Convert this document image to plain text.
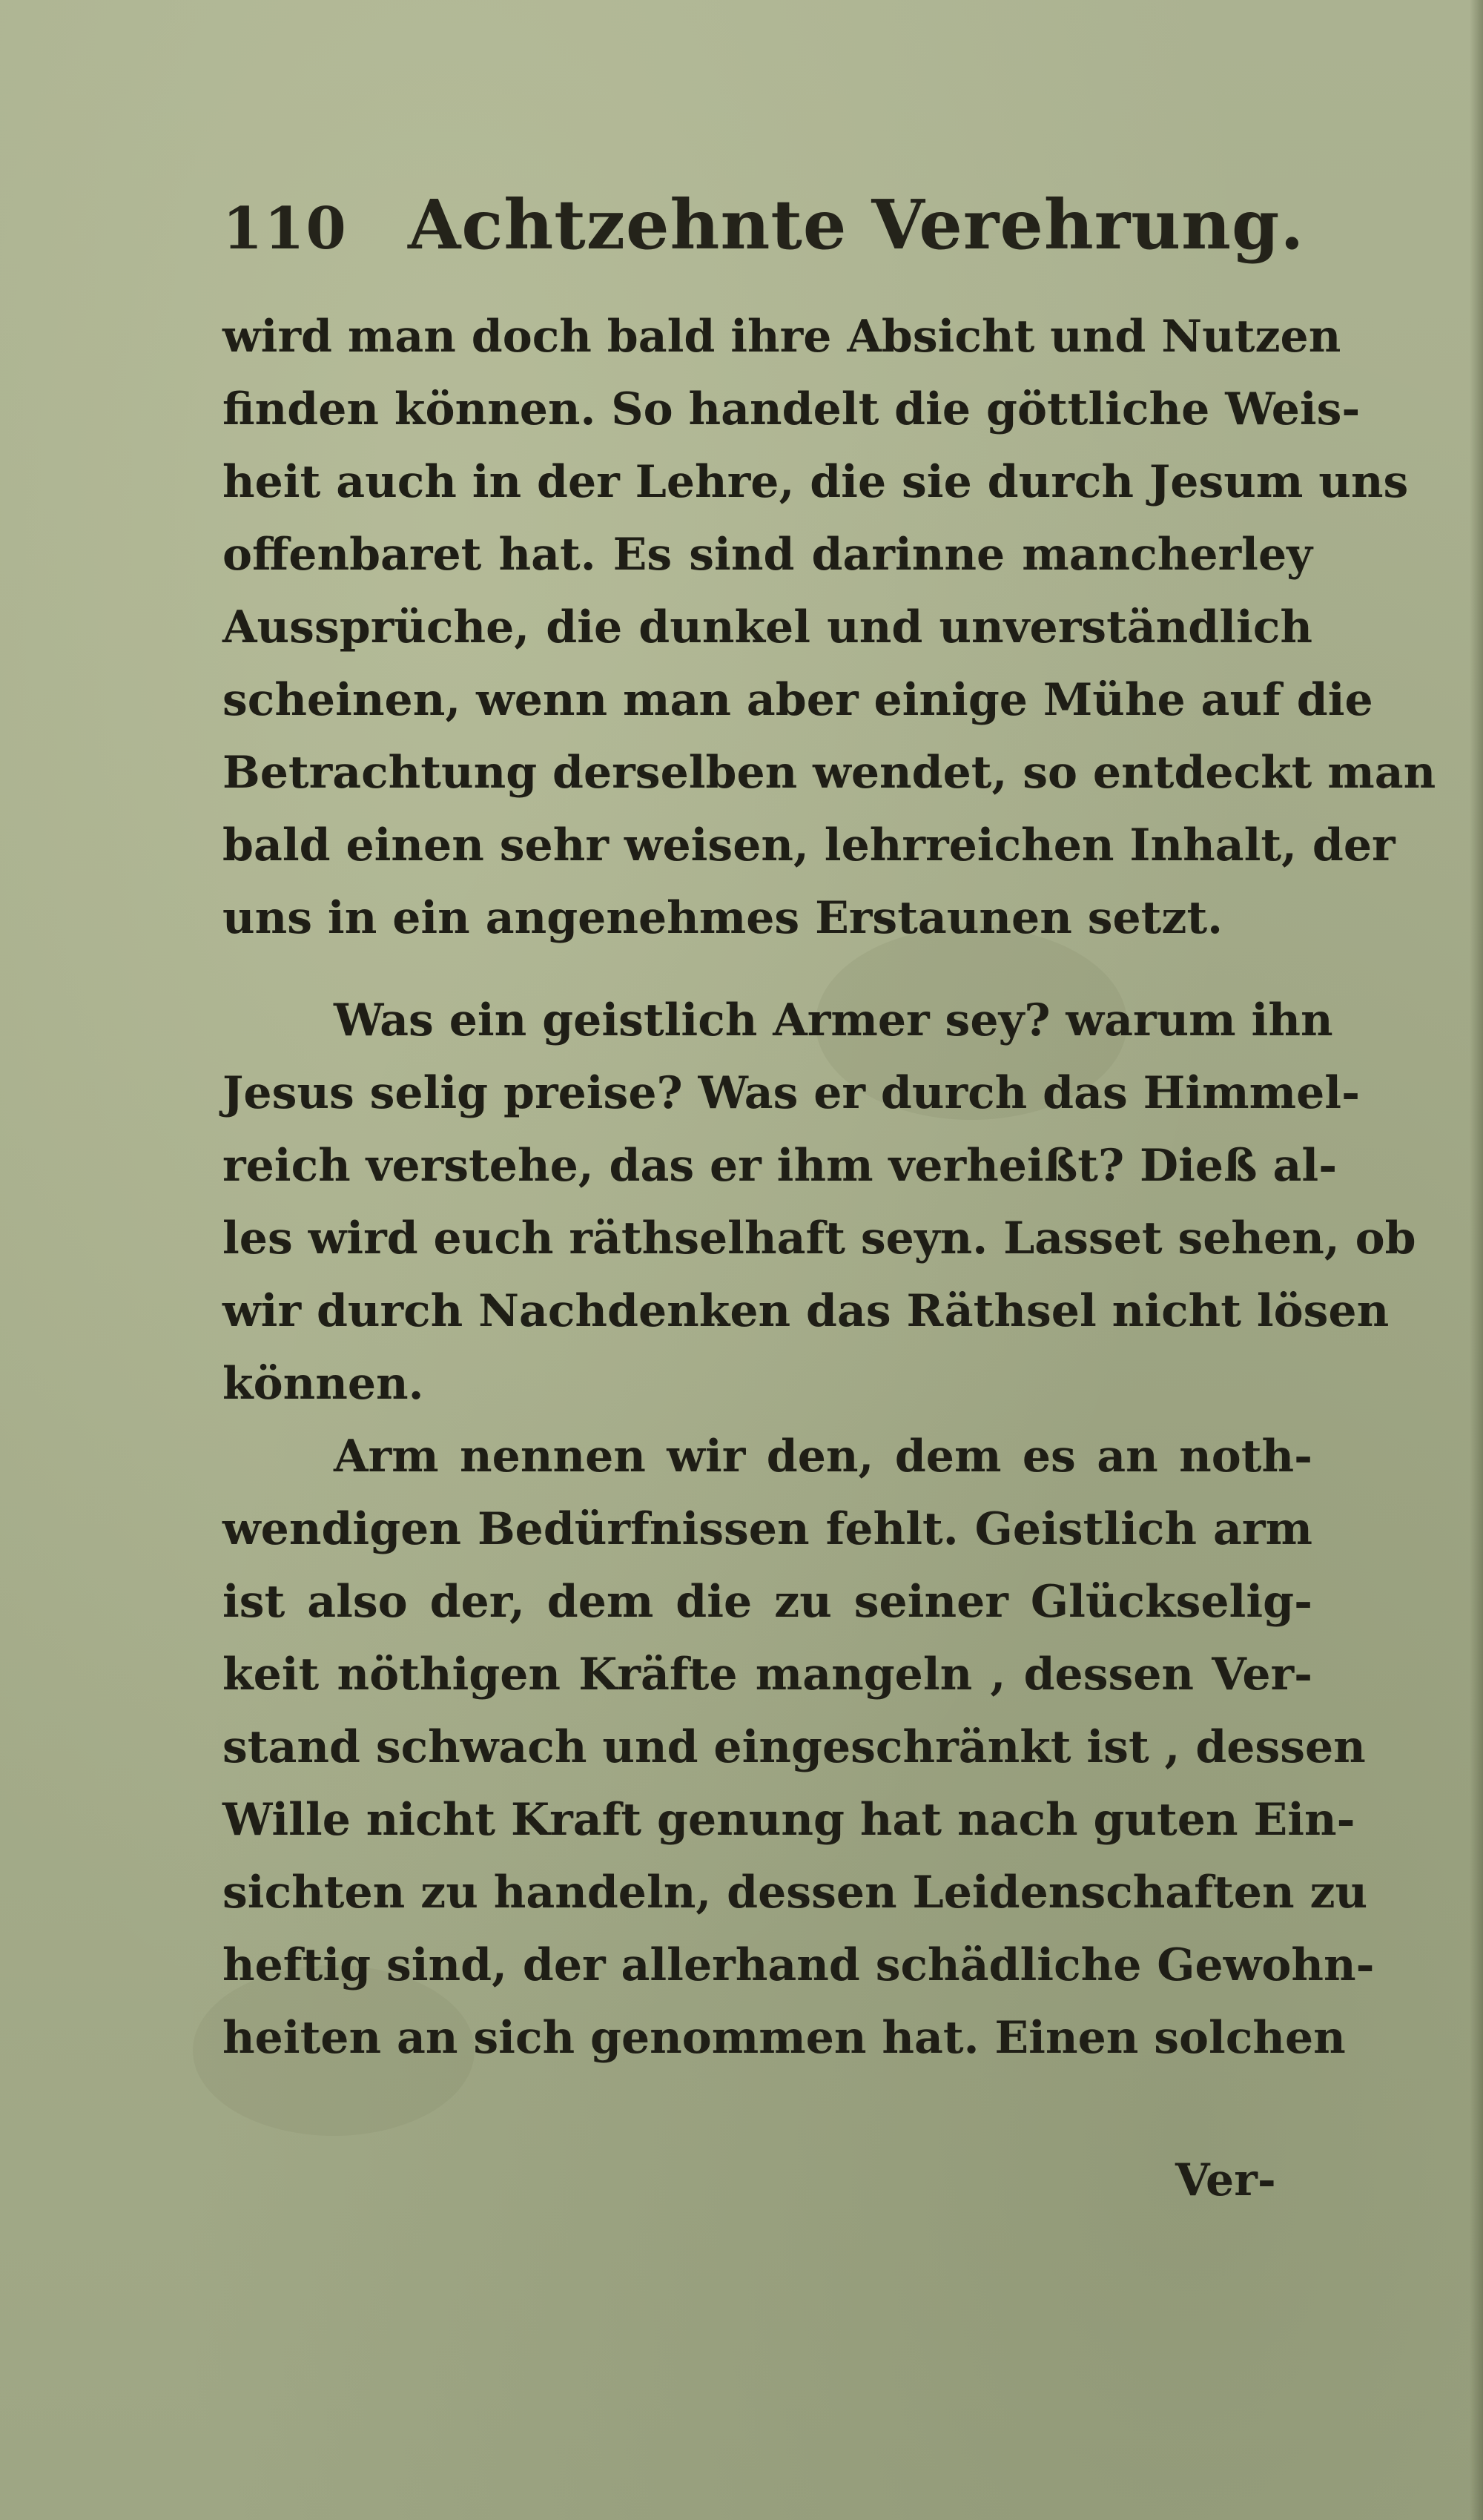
110 Achtzehnte Verehrung.
wird man doch bald ihre Absicht und Nutzen
finden können. So handelt die göttliche Weis-
heit auch in der Lehre, die sie durch Jesum uns
offenbaret hat. Es sind darinne mancherley
Aussprüche, die dunkel und unverständlich
scheinen, wenn man aber einige Mühe auf die
Betrachtung derselben wendet, so entdeckt man
bald einen sehr weisen, lehrreichen Inhalt, der
uns in ein angenehmes Erstaunen setzt.
Was ein geistlich Armer sey? warum ihn
Jesus selig preise? Was er durch das Himmel-
reich verstehe, das er ihm verheißt? Dieß al-
les wird euch räthselhaft seyn. Lasset sehen, ob
wir durch Nachdenken das Räthsel nicht lösen
können.
Arm nennen wir den, dem es an noth-
wendigen Bedürfnissen fehlt. Geistlich arm
ist also der, dem die zu seiner Glückselig-
keit nöthigen Kräfte mangeln , dessen Ver-
stand schwach und eingeschränkt ist , dessen
Wille nicht Kraft genung hat nach guten Ein-
sichten zu handeln, dessen Leidenschaften zu
heftig sind, der allerhand schädliche Gewohn-
heiten an sich genommen hat. Einen solchen
Ver-
